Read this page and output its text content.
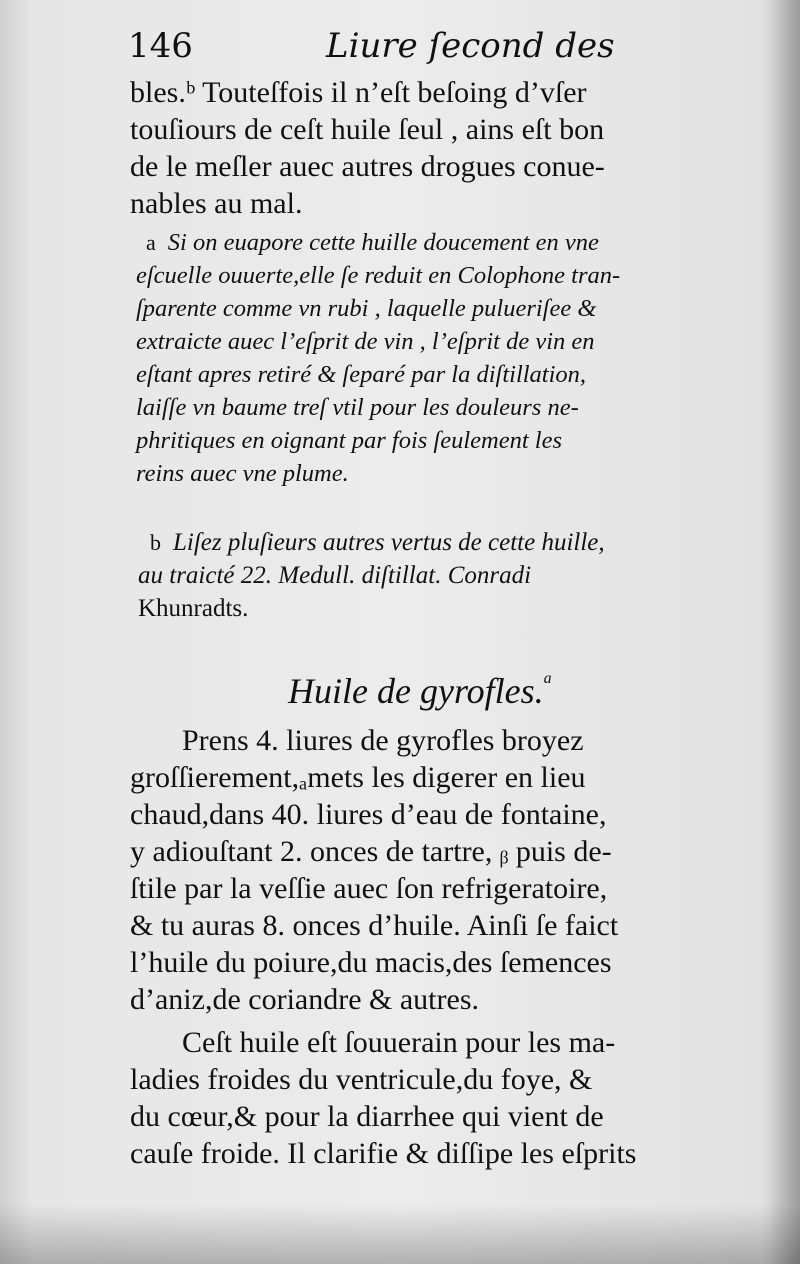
146	Liure ſecond des
bles.ᵇ Touteſfois il n’eſt beſoing d’vſer
touſiours de ceſt huile ſeul , ains eſt bon
de le meſler auec autres drogues conue-
nables au mal.
a Si on euapore cette huille doucement en vne
eſcuelle ouuerte,elle ſe reduit en Colophone tran-
ſparente comme vn rubi , laquelle pulueriſee &
extraicte auec l’eſprit de vin , l’eſprit de vin en
eſtant apres retiré & ſeparé par la diſtillation,
laiſſe vn baume treſ vtil pour les douleurs ne-
phritiques en oignant par fois ſeulement les
reins auec vne plume.
b Liſez pluſieurs autres vertus de cette huille,
au traicté 22. Medull. diſtillat. Conradi
Khunradts.
Huile de gyrofles.$^a$
Prens 4. liures de gyrofles broyez
groſſierement,ₐmets les digerer en lieu
chaud,dans 40. liures d’eau de fontaine,
y adiouſtant 2. onces de tartre, ᵦ puis de-
ſtile par la veſſie auec ſon refrigeratoire,
& tu auras 8. onces d’huile. Ainſi ſe faict
l’huile du poiure,du macis,des ſemences
d’aniz,de coriandre & autres.
Ceſt huile eſt ſouuerain pour les ma-
ladies froides du ventricule,du foye, &
du cœur,& pour la diarrhee qui vient de
cauſe froide. Il clarifie & diſſipe les eſprits
